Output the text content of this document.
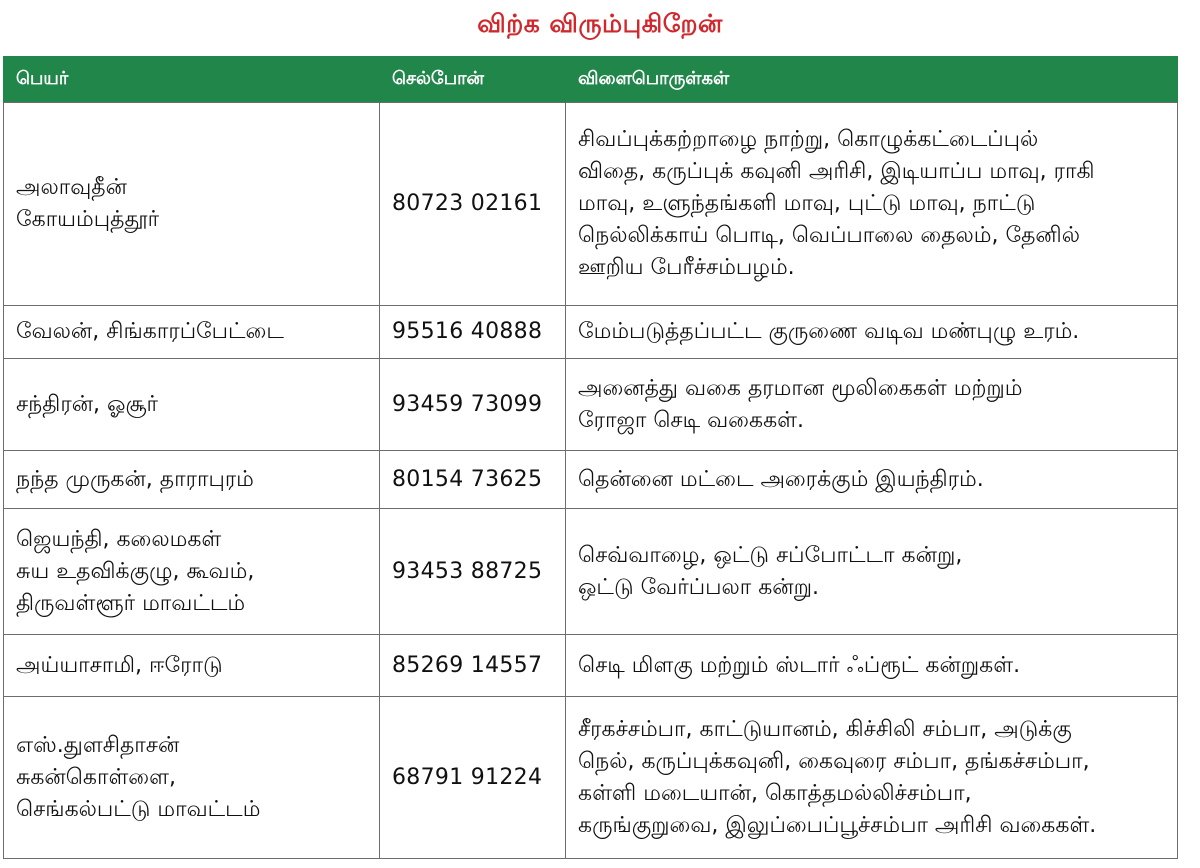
விற்க விரும்புகிறேன்
பெயர்	செல்போன்	விளைபொருள்கள்

அலாவுதீன்
கோயம்புத்தூர்	80723 02161	சிவப்புக்கற்றாழை நாற்று, கொழுக்கட்டைப்புல்
விதை, கருப்புக் கவுனி அரிசி, இடியாப்ப மாவு, ராகி
மாவு, உளுந்தங்களி மாவு, புட்டு மாவு, நாட்டு
நெல்லிக்காய் பொடி, வெப்பாலை தைலம், தேனில்
ஊறிய பேரீச்சம்பழம்.

வேலன், சிங்காரப்பேட்டை	95516 40888	மேம்படுத்தப்பட்ட குருணை வடிவ மண்புழு உரம்.

சந்திரன், ஓசூர்	93459 73099	அனைத்து வகை தரமான மூலிகைகள் மற்றும்
ரோஜா செடி வகைகள்.

நந்த முருகன், தாராபுரம்	80154 73625	தென்னை மட்டை அரைக்கும் இயந்திரம்.

ஜெயந்தி, கலைமகள்
சுய உதவிக்குழு, கூவம்,
திருவள்ளூர் மாவட்டம்	93453 88725	செவ்வாழை, ஒட்டு சப்போட்டா கன்று,
ஒட்டு வேர்ப்பலா கன்று.

அய்யாசாமி, ஈரோடு	85269 14557	செடி மிளகு மற்றும் ஸ்டார் ஃப்ரூட் கன்றுகள்.

எஸ்.துளசிதாசன்
சுகன்கொள்ளை,
செங்கல்பட்டு மாவட்டம்	68791 91224	சீரகச்சம்பா, காட்டுயானம், கிச்சிலி சம்பா, அடுக்கு
நெல், கருப்புக்கவுனி, கைவுரை சம்பா, தங்கச்சம்பா,
கள்ளி மடையான், கொத்தமல்லிச்சம்பா,
கருங்குறுவை, இலுப்பைப்பூச்சம்பா அரிசி வகைகள்.
